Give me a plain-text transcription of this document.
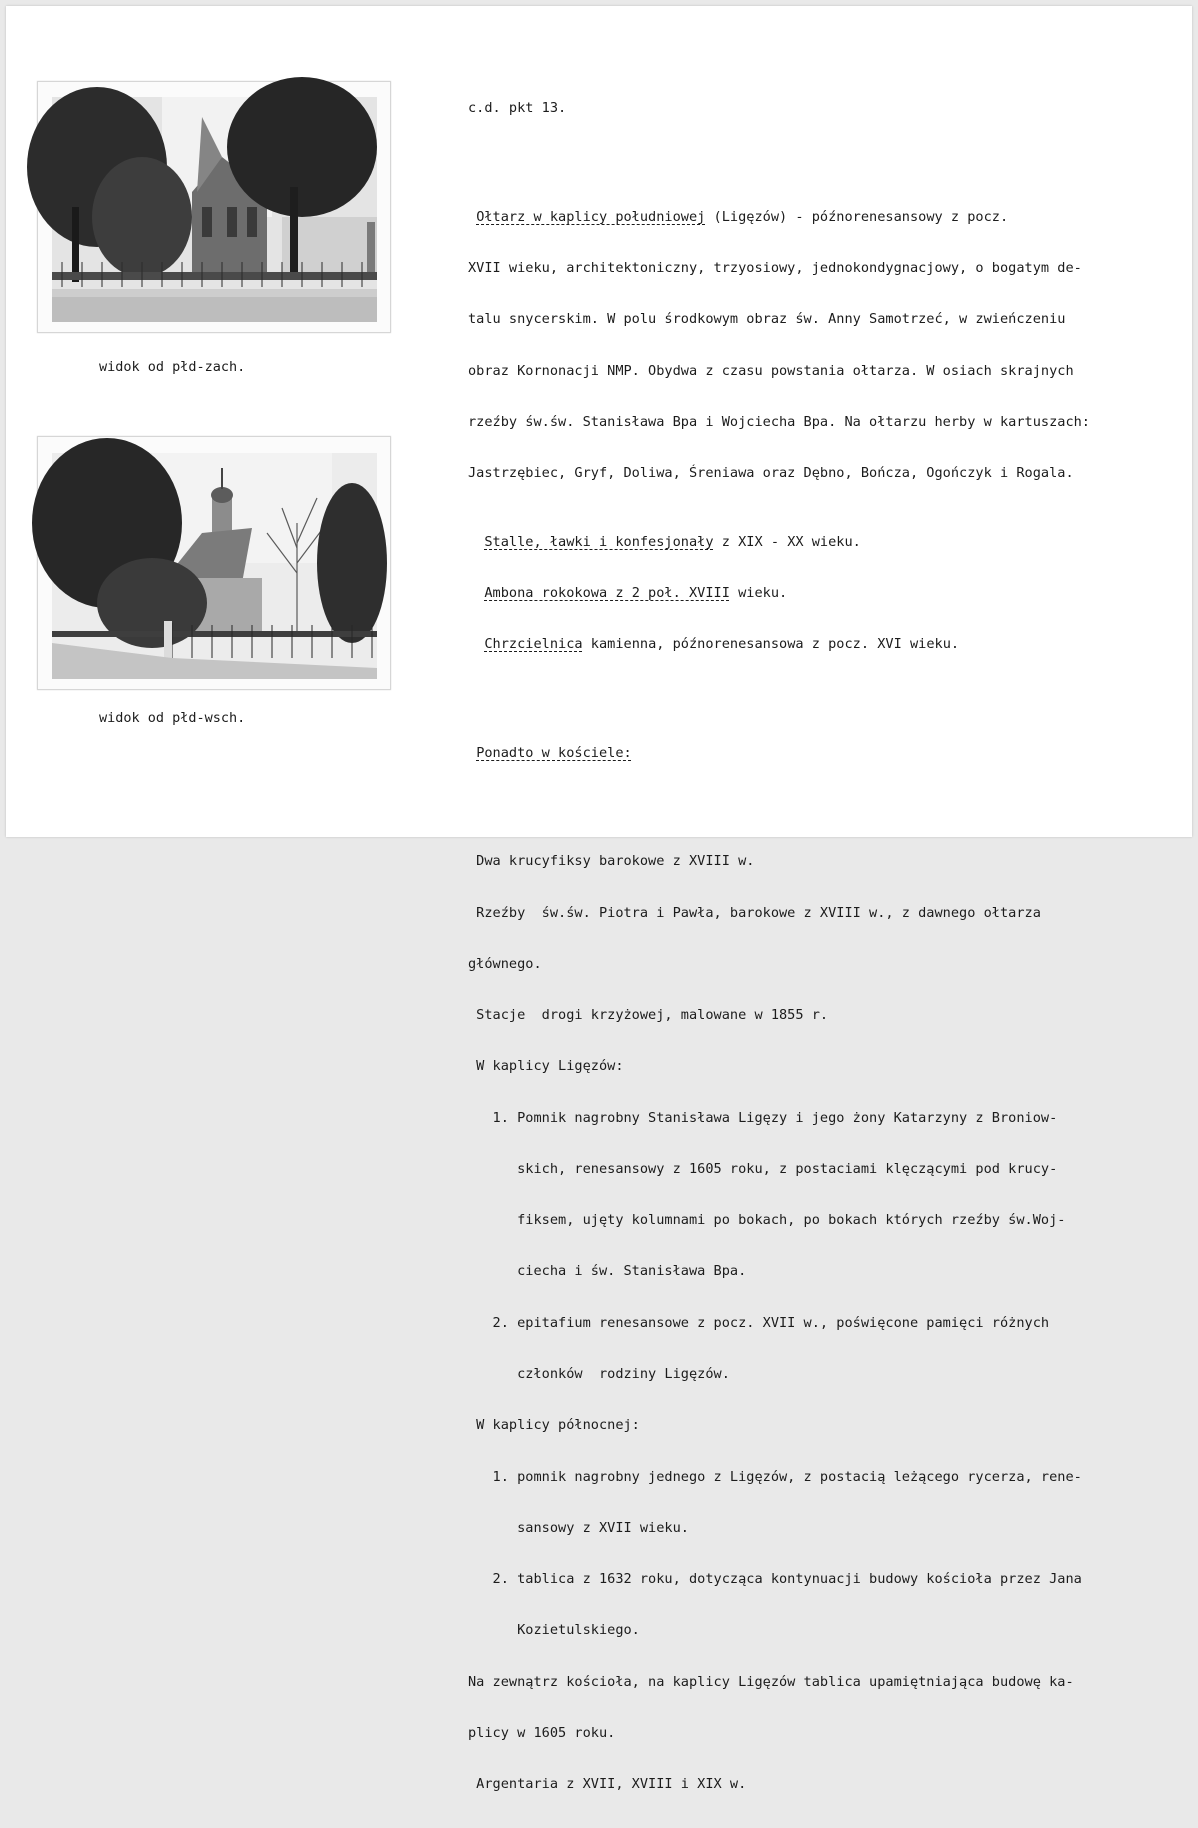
widok od płd-zach.
widok od płd-wsch.

c.d. pkt 13.

Ołtarz w kaplicy południowej (Ligęzów) - późnorenesansowy z pocz.

XVII wieku, architektoniczny, trzyosiowy, jednokondygnacjowy, o bogatym de-

talu snycerskim. W polu środkowym obraz św. Anny Samotrzeć, w zwieńczeniu

obraz Kornonacji NMP. Obydwa z czasu powstania ołtarza. W osiach skrajnych

rzeźby św.św. Stanisława Bpa i Wojciecha Bpa. Na ołtarzu herby w kartuszach:

Jastrzębiec, Gryf, Doliwa, Śreniawa oraz Dębno, Bończa, Ogończyk i Rogala.

Stalle, ławki i konfesjonały z XIX - XX wieku.

Ambona rokokowa z 2 poł. XVIII wieku.

Chrzcielnica kamienna, późnorenesansowa z pocz. XVI wieku.

Ponadto w kościele:

Dwa krucyfiksy barokowe z XVIII w.

Rzeźby  św.św. Piotra i Pawła, barokowe z XVIII w., z dawnego ołtarza

głównego.

Stacje  drogi krzyżowej, malowane w 1855 r.

W kaplicy Ligęzów:

1. Pomnik nagrobny Stanisława Ligęzy i jego żony Katarzyny z Broniow-

skich, renesansowy z 1605 roku, z postaciami klęczącymi pod krucy-

fiksem, ujęty kolumnami po bokach, po bokach których rzeźby św.Woj-

ciecha i św. Stanisława Bpa.

2. epitafium renesansowe z pocz. XVII w., poświęcone pamięci różnych

członków  rodziny Ligęzów.

W kaplicy północnej:

1. pomnik nagrobny jednego z Ligęzów, z postacią leżącego rycerza, rene-

sansowy z XVII wieku.

2. tablica z 1632 roku, dotycząca kontynuacji budowy kościoła przez Jana

Kozietulskiego.

Na zewnątrz kościoła, na kaplicy Ligęzów tablica upamiętniająca budowę ka-

plicy w 1605 roku.

Argentaria z XVII, XVIII i XIX w.
